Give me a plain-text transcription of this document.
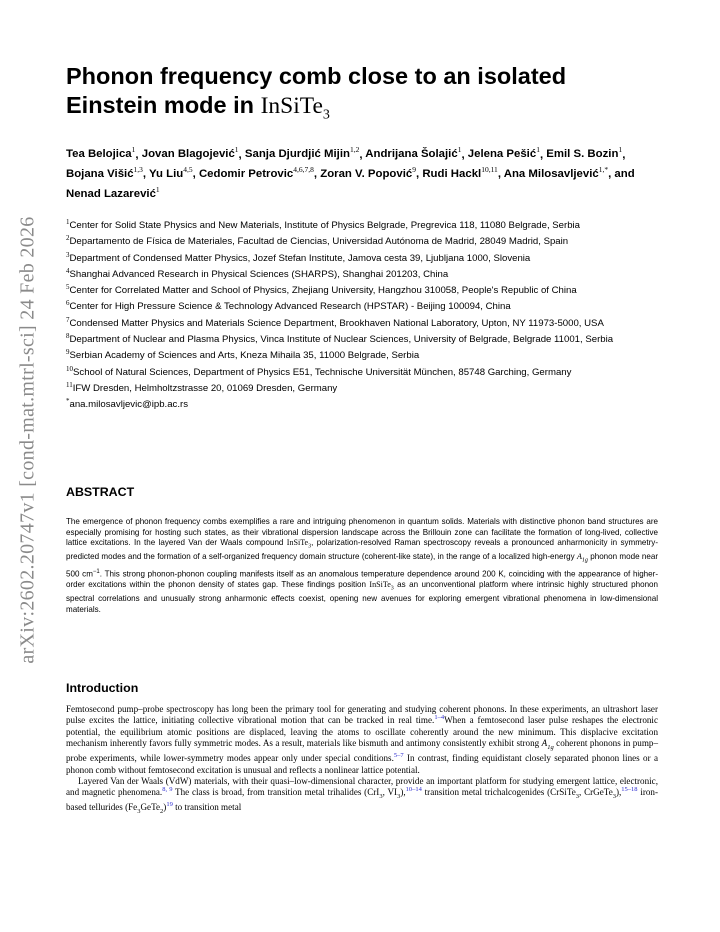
arXiv:2602.20747v1 [cond-mat.mtrl-sci] 24 Feb 2026
Phonon frequency comb close to an isolated Einstein mode in InSiTe$_3$
Tea Belojica$^1$, Jovan Blagojević$^1$, Sanja Djurdjić Mijin$^{1,2}$, Andrijana Šolajić$^1$, Jelena Pešić$^1$, Emil S. Bozin$^1$, Bojana Višić$^{1,3}$, Yu Liu$^{4,5}$, Cedomir Petrovic$^{4,6,7,8}$, Zoran V. Popović$^9$, Rudi Hackl$^{10,11}$, Ana Milosavljević$^{1,*}$, and Nenad Lazarević$^1$
$^1$Center for Solid State Physics and New Materials, Institute of Physics Belgrade, Pregrevica 118, 11080 Belgrade, Serbia
$^2$Departamento de Física de Materiales, Facultad de Ciencias, Universidad Autónoma de Madrid, 28049 Madrid, Spain
$^3$Department of Condensed Matter Physics, Jozef Stefan Institute, Jamova cesta 39, Ljubljana 1000, Slovenia
$^4$Shanghai Advanced Research in Physical Sciences (SHARPS), Shanghai 201203, China
$^5$Center for Correlated Matter and School of Physics, Zhejiang University, Hangzhou 310058, People's Republic of China
$^6$Center for High Pressure Science & Technology Advanced Research (HPSTAR) - Beijing 100094, China
$^7$Condensed Matter Physics and Materials Science Department, Brookhaven National Laboratory, Upton, NY 11973-5000, USA
$^8$Department of Nuclear and Plasma Physics, Vinca Institute of Nuclear Sciences, University of Belgrade, Belgrade 11001, Serbia
$^9$Serbian Academy of Sciences and Arts, Kneza Mihaila 35, 11000 Belgrade, Serbia
$^{10}$School of Natural Sciences, Department of Physics E51, Technische Universität München, 85748 Garching, Germany
$^{11}$IFW Dresden, Helmholtzstrasse 20, 01069 Dresden, Germany
*ana.milosavljevic@ipb.ac.rs
ABSTRACT
The emergence of phonon frequency combs exemplifies a rare and intriguing phenomenon in quantum solids. Materials with distinctive phonon band structures are especially promising for hosting such states, as their vibrational dispersion landscape across the Brillouin zone can facilitate the formation of long-lived, collective lattice excitations. In the layered Van der Waals compound InSiTe$_3$, polarization-resolved Raman spectroscopy reveals a pronounced anharmonicity in symmetry-predicted modes and the formation of a self-organized frequency domain structure (coherent-like state), in the range of a localized high-energy $A_{1g}$ phonon mode near 500 $cm^{-1}$. This strong phonon-phonon coupling manifests itself as an anomalous temperature dependence around 200 K, coinciding with the appearance of higher-order excitations within the phonon density of states gap. These findings position InSiTe$_3$ as an unconventional platform where intrinsic highly structured phonon spectral correlations and unusually strong anharmonic effects coexist, opening new avenues for exploring emergent vibrational phenomena in low-dimensional materials.
Introduction

Femtosecond pump–probe spectroscopy has long been the primary tool for generating and studying coherent phonons. In these experiments, an ultrashort laser pulse excites the lattice, initiating collective vibrational motion that can be tracked in real time.$^{1-4}$When a femtosecond laser pulse reshapes the electronic potential, the equilibrium atomic positions are displaced, leaving the atoms to oscillate coherently around the new minimum. This displacive excitation mechanism inherently favors fully symmetric modes. As a result, materials like bismuth and antimony consistently exhibit strong $A_{1g}$ coherent phonons in pump–probe experiments, while lower-symmetry modes appear only under special conditions.$^{5-7}$ In contrast, finding equidistant closely separated phonon lines or a phonon comb without femtosecond excitation is unusual and reflects a nonlinear lattice potential.

Layered Van der Waals (VdW) materials, with their quasi–low-dimensional character, provide an important platform for studying emergent lattice, electronic, and magnetic phenomena.$^{8, 9}$ The class is broad, from transition metal trihalides (CrI$_3$, $VI_3),^{10-14}$ transition metal trichalcogenides (CrSiTe$_3$, CrGeTe$_3$),$^{15-18}$ iron-based tellurides $(Fe_3GeTe_2)^{19}$ to transition metal
